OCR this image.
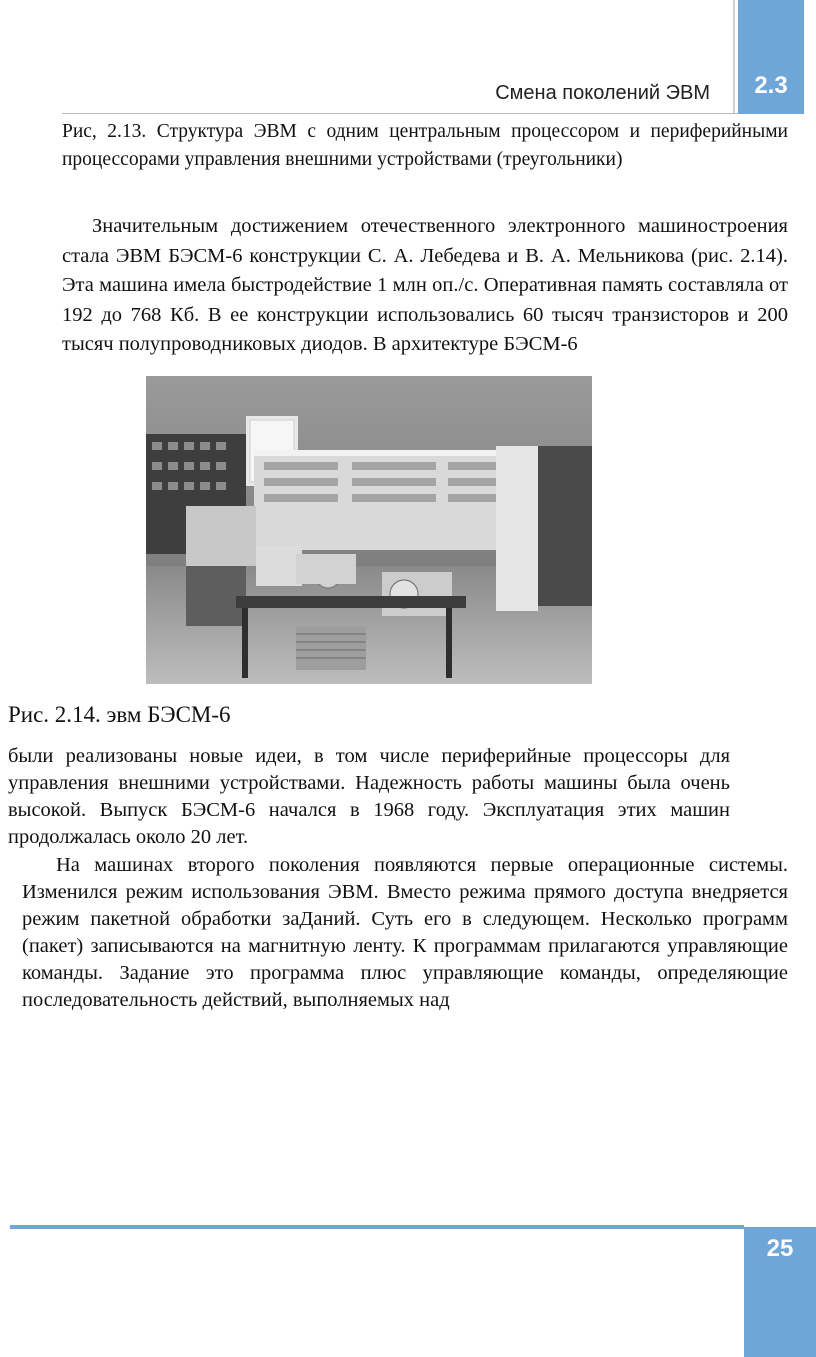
2.3
Смена поколений ЭВМ

Рис, 2.13. Структура ЭВМ с одним центральным процессором и периферийными процессорами управления внешними устройствами (треугольники)

Значительным достижением отечественного электронного машиностроения стала ЭВМ БЭСМ-6 конструкции С. А. Лебедева и В. А. Мельникова (рис. 2.14). Эта машина имела быстродействие 1 млн оп./с. Оперативная память составляла от 192 до 768 Кб. В ее конструкции использовались 60 тысяч транзисторов и 200 тысяч полупроводниковых диодов. В архитектуре БЭСМ-6

Рис. 2.14. эвм БЭСМ-6

были реализованы новые идеи, в том числе периферийные процессоры для управления внешними устройствами. Надежность работы машины была очень высокой. Выпуск БЭСМ-6 начался в 1968 году. Эксплуатация этих машин продолжалась около 20 лет.

На машинах второго поколения появляются первые операционные системы. Изменился режим использования ЭВМ. Вместо режима прямого доступа внедряется режим пакетной обработки заДаний. Суть его в следующем. Несколько программ (пакет) записываются на магнитную ленту. К программам прилагаются управляющие команды. Задание это программа плюс управляющие команды, определяющие последовательность действий, выполняемых над

25
